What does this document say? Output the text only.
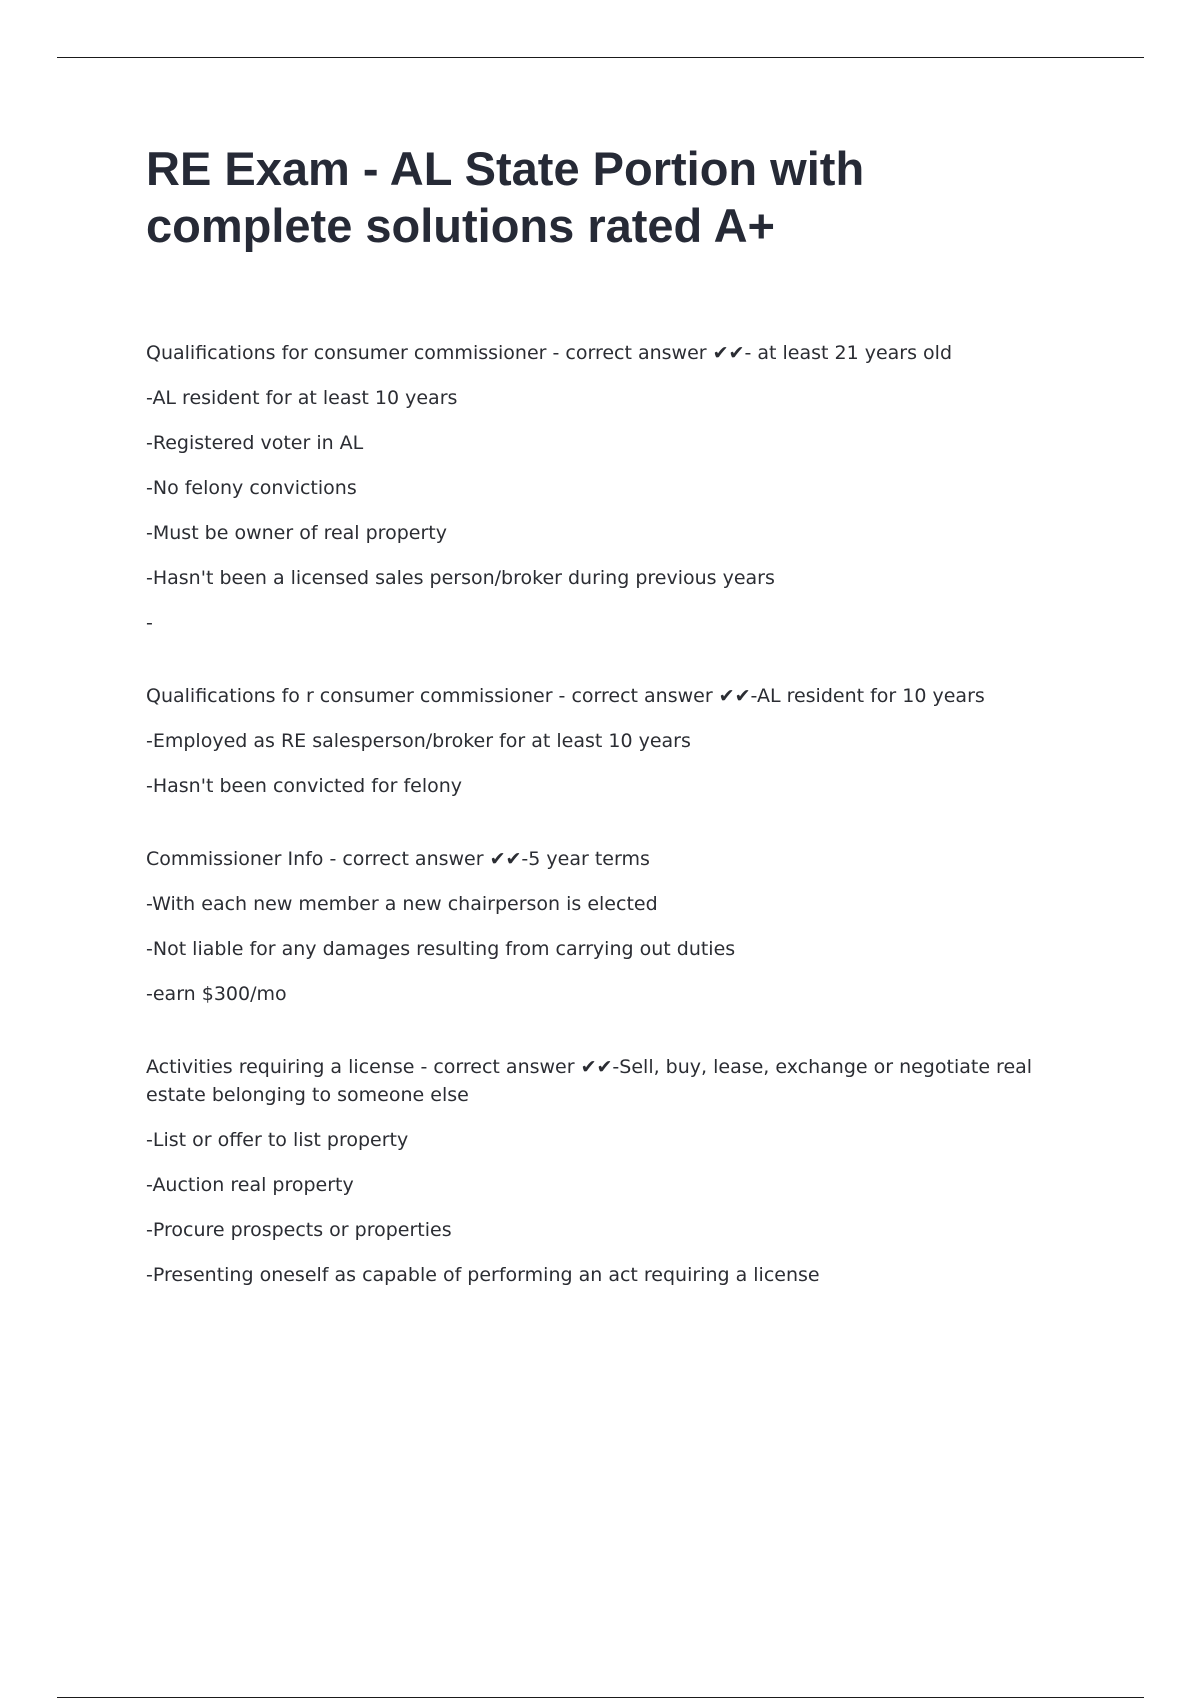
RE Exam - AL State Portion with
complete solutions rated A+

Qualifications for consumer commissioner - correct answer ✔✔- at least 21 years old

-AL resident for at least 10 years

-Registered voter in AL

-No felony convictions

-Must be owner of real property

-Hasn't been a licensed sales person/broker during previous years

-

Qualifications fo r consumer commissioner - correct answer ✔✔-AL resident for 10 years

-Employed as RE salesperson/broker for at least 10 years

-Hasn't been convicted for felony

Commissioner Info - correct answer ✔✔-5 year terms

-With each new member a new chairperson is elected

-Not liable for any damages resulting from carrying out duties

-earn $300/mo

Activities requiring a license - correct answer ✔✔-Sell, buy, lease, exchange or negotiate real estate belonging to someone else

-List or offer to list property

-Auction real property

-Procure prospects or properties

-Presenting oneself as capable of performing an act requiring a license
